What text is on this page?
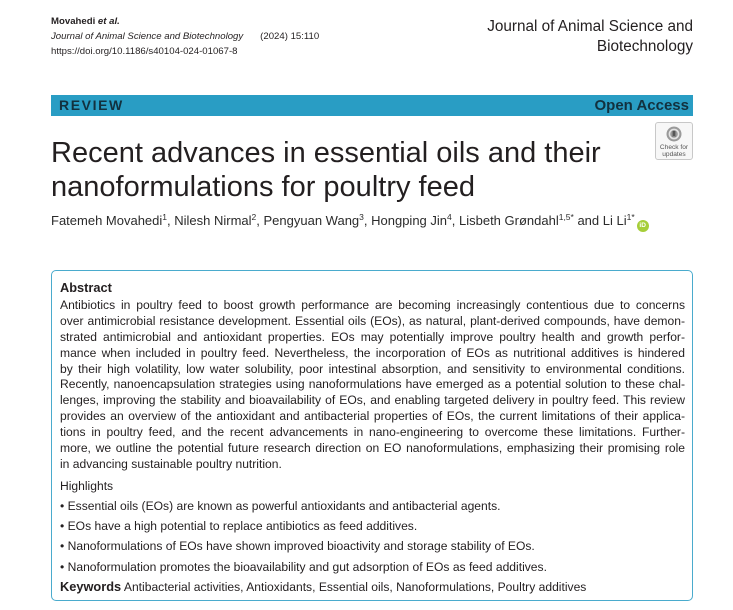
Movahedi et al.
Journal of Animal Science and Biotechnology (2024) 15:110
https://doi.org/10.1186/s40104-024-01067-8
Journal of Animal Science and
Biotechnology
REVIEW	Open Access
Check for
updates
Recent advances in essential oils and their
nanoformulations for poultry feed
Fatemeh Movahedi$^1$, Nilesh Nirmal$^2$, Pengyuan Wang$^3$, Hongping Jin$^4$, Lisbeth Grøndahl$^{1,5*}$ and Li $Li^{1*}iD$
Abstract
Antibiotics in poultry feed to boost growth performance are becoming increasingly contentious due to concerns
over antimicrobial resistance development. Essential oils (EOs), as natural, plant-derived compounds, have demon-
strated antimicrobial and antioxidant properties. EOs may potentially improve poultry health and growth perfor-
mance when included in poultry feed. Nevertheless, the incorporation of EOs as nutritional additives is hindered
by their high volatility, low water solubility, poor intestinal absorption, and sensitivity to environmental conditions.
Recently, nanoencapsulation strategies using nanoformulations have emerged as a potential solution to these chal-
lenges, improving the stability and bioavailability of EOs, and enabling targeted delivery in poultry feed. This review
provides an overview of the antioxidant and antibacterial properties of EOs, the current limitations of their applica-
tions in poultry feed, and the recent advancements in nano-engineering to overcome these limitations. Further-
more, we outline the potential future research direction on EO nanoformulations, emphasizing their promising role
in advancing sustainable poultry nutrition.
Highlights
• Essential oils (EOs) are known as powerful antioxidants and antibacterial agents.
• EOs have a high potential to replace antibiotics as feed additives.
• Nanoformulations of EOs have shown improved bioactivity and storage stability of EOs.
• Nanoformulation promotes the bioavailability and gut adsorption of EOs as feed additives.
Keywords Antibacterial activities, Antioxidants, Essential oils, Nanoformulations, Poultry additives
